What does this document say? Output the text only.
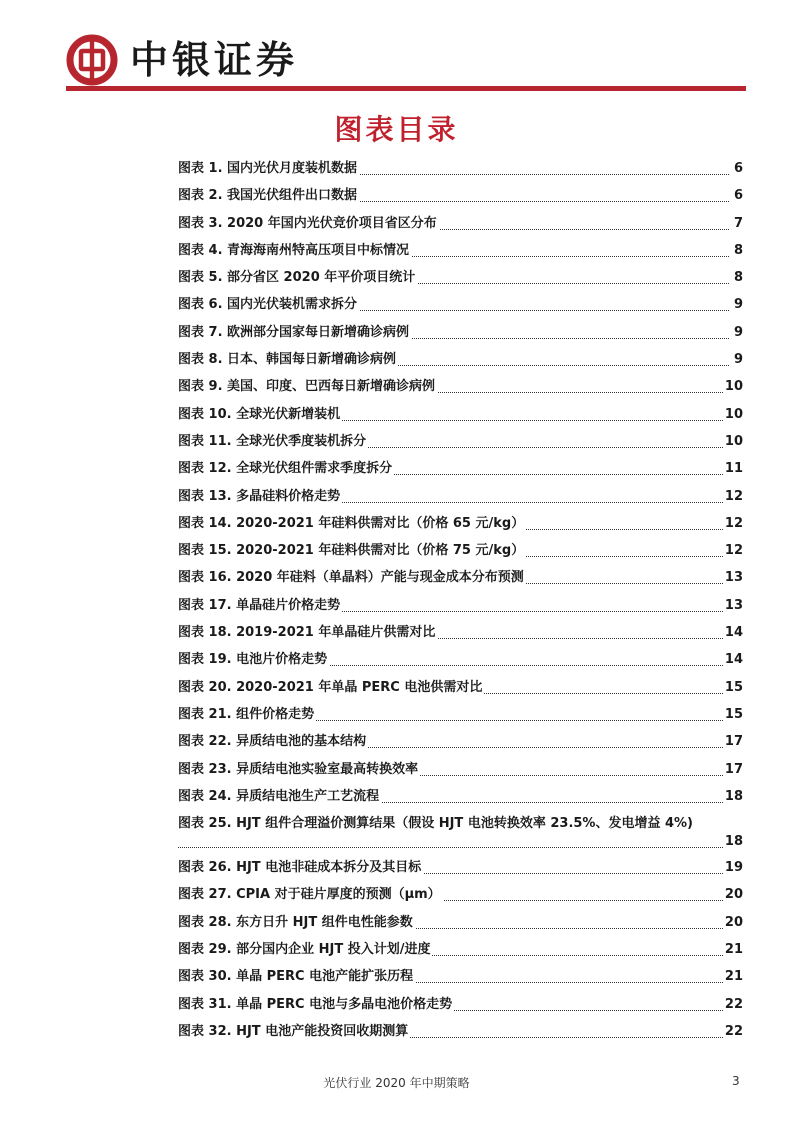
中银证券
图表目录
图表 1. 国内光伏月度装机数据	6
图表 2. 我国光伏组件出口数据	6
图表 3. 2020 年国内光伏竞价项目省区分布	7
图表 4. 青海海南州特高压项目中标情况	8
图表 5. 部分省区 2020 年平价项目统计	8
图表 6. 国内光伏装机需求拆分	9
图表 7. 欧洲部分国家每日新增确诊病例	9
图表 8. 日本、韩国每日新增确诊病例	9
图表 9. 美国、印度、巴西每日新增确诊病例	10
图表 10. 全球光伏新增装机	10
图表 11. 全球光伏季度装机拆分	10
图表 12. 全球光伏组件需求季度拆分	11
图表 13. 多晶硅料价格走势	12
图表 14. 2020-2021 年硅料供需对比（价格 65 元/kg）	12
图表 15. 2020-2021 年硅料供需对比（价格 75 元/kg）	12
图表 16. 2020 年硅料（单晶料）产能与现金成本分布预测	13
图表 17. 单晶硅片价格走势	13
图表 18. 2019-2021 年单晶硅片供需对比	14
图表 19. 电池片价格走势	14
图表 20. 2020-2021 年单晶 PERC 电池供需对比	15
图表 21. 组件价格走势	15
图表 22. 异质结电池的基本结构	17
图表 23. 异质结电池实验室最高转换效率	17
图表 24. 异质结电池生产工艺流程	18
图表 25. HJT 组件合理溢价测算结果（假设 HJT 电池转换效率 23.5%、发电增益 4%)
18
图表 26. HJT 电池非硅成本拆分及其目标	19
图表 27. CPIA 对于硅片厚度的预测（μm）	20
图表 28. 东方日升 HJT 组件电性能参数	20
图表 29. 部分国内企业 HJT 投入计划/进度	21
图表 30. 单晶 PERC 电池产能扩张历程	21
图表 31. 单晶 PERC 电池与多晶电池价格走势	22
图表 32. HJT 电池产能投资回收期测算	22
光伏行业 2020 年中期策略	3
